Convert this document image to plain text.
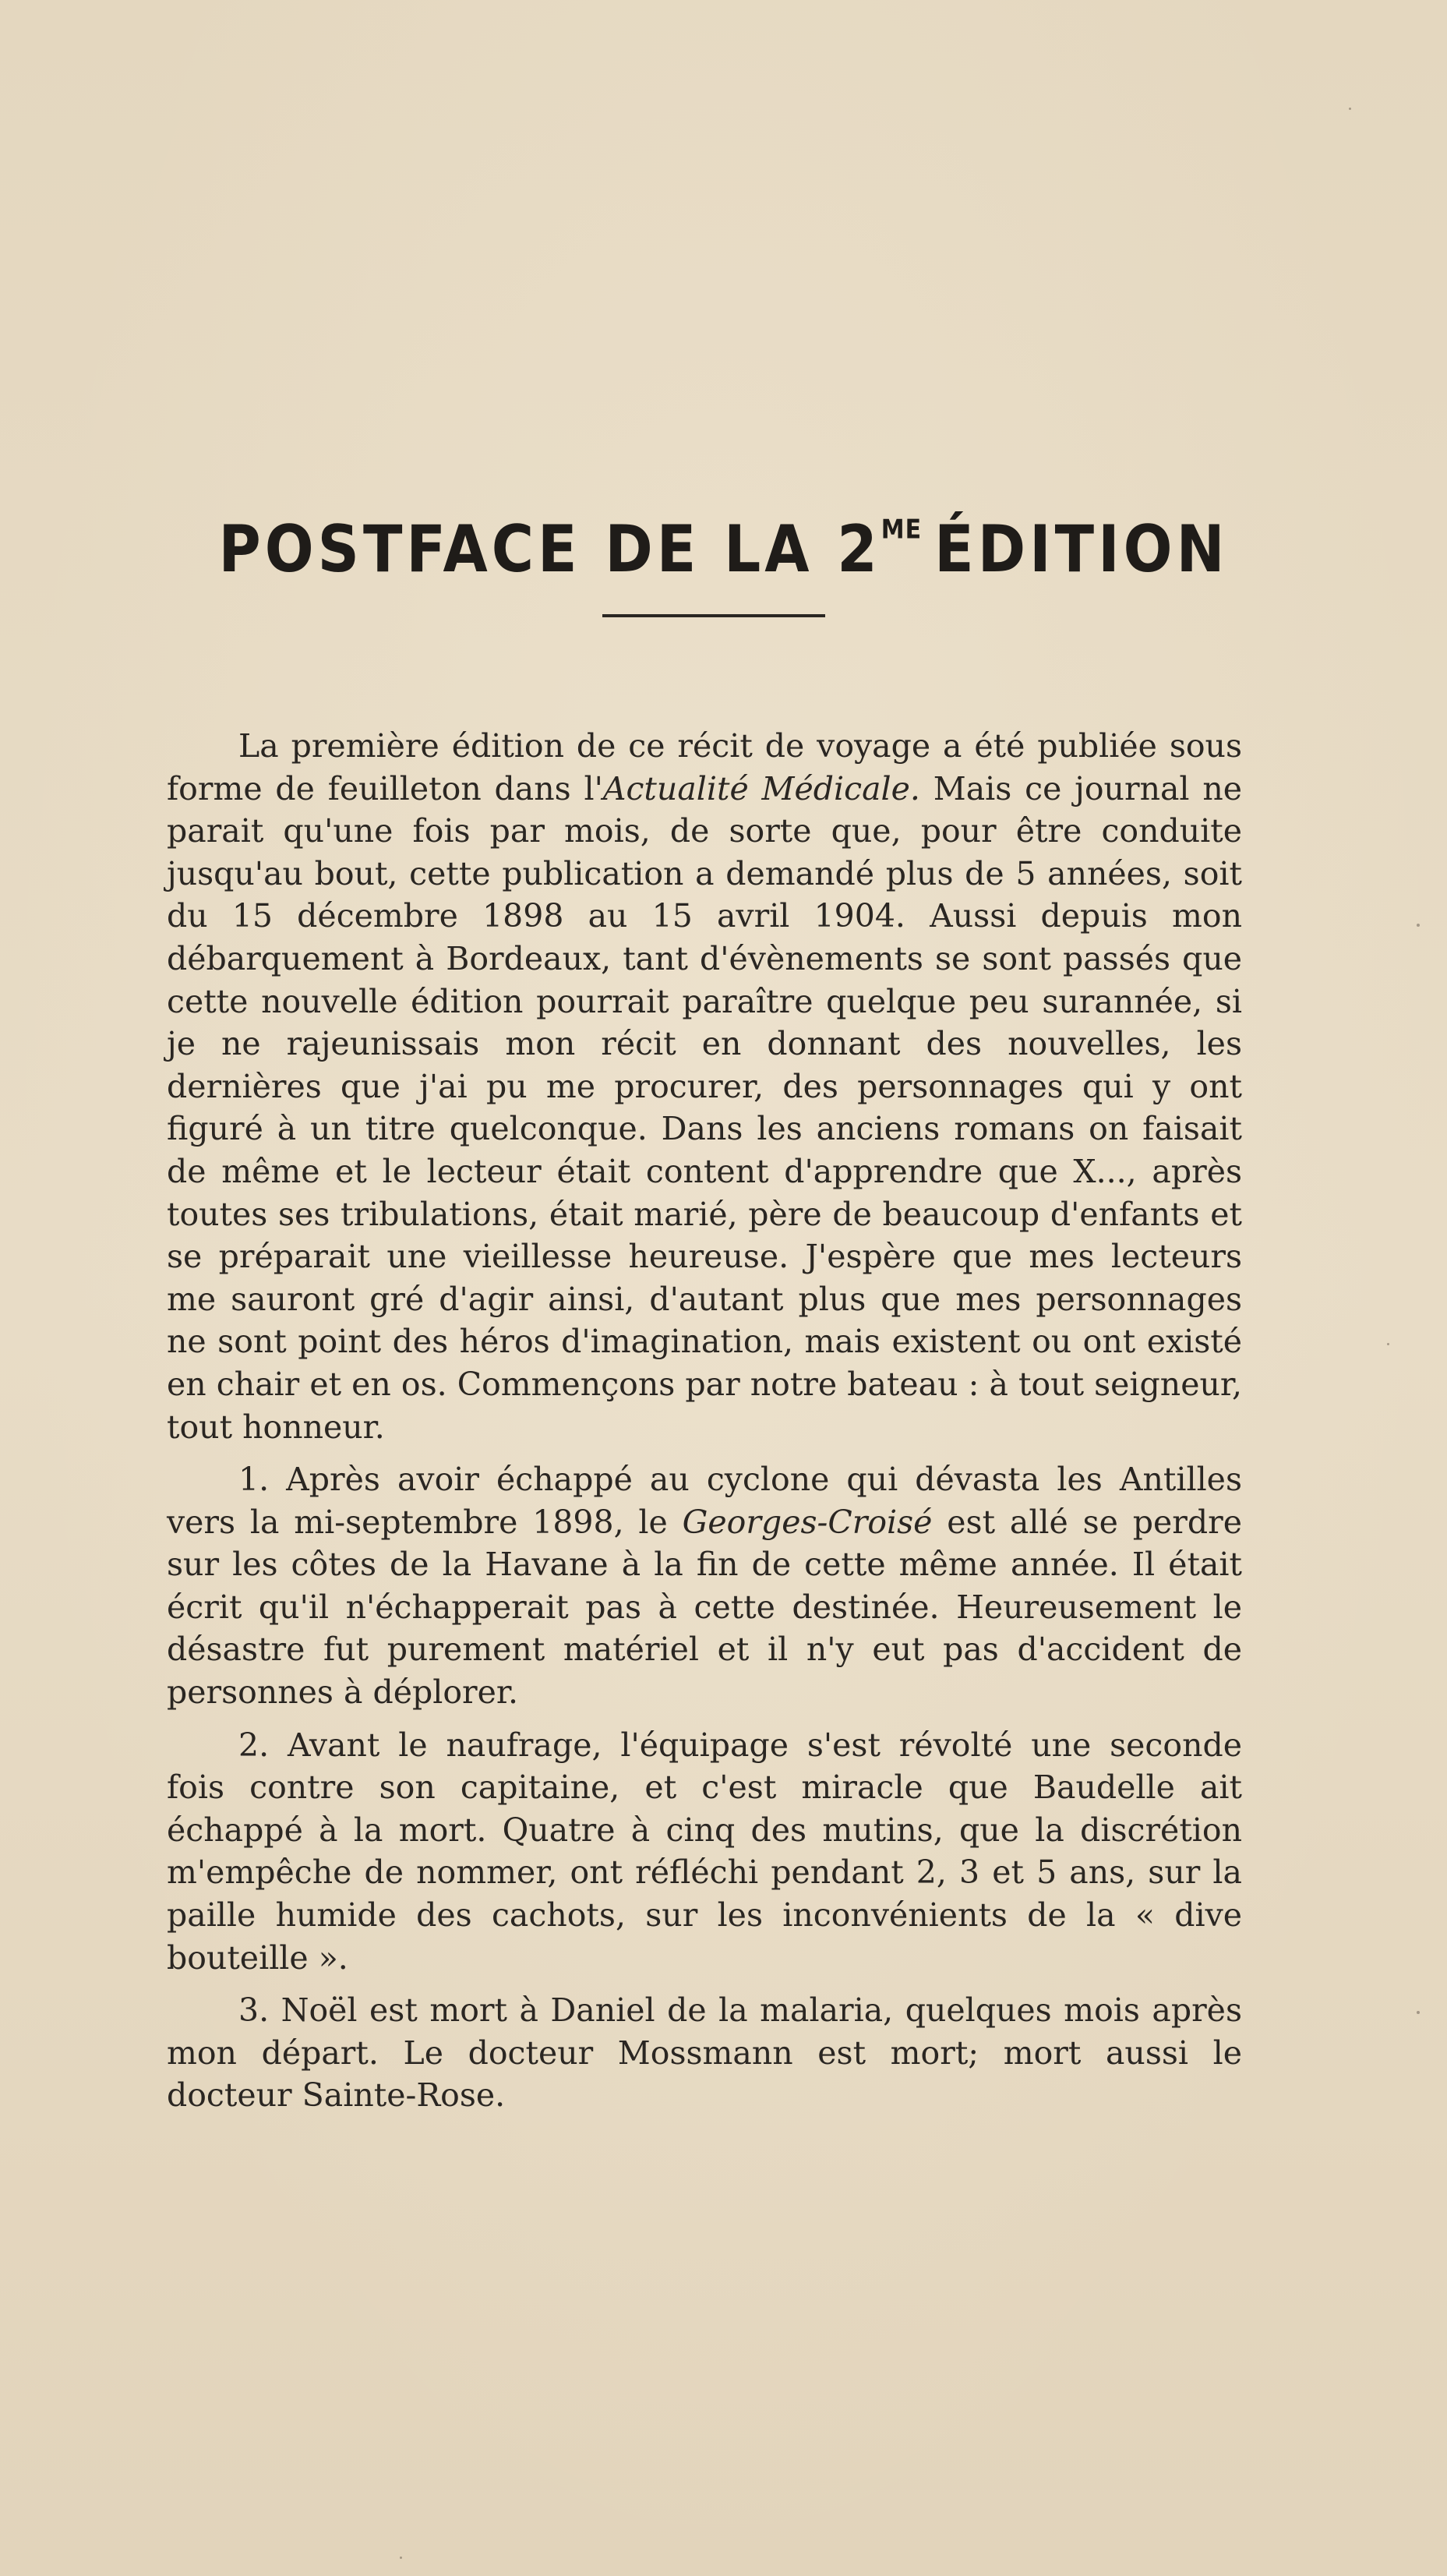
POSTFACE DE LA $2^{ME}$ ÉDITION

La première édition de ce récit de voyage a été publiée sous forme de feuilleton dans l'Actualité Médicale. Mais ce journal ne parait qu'une fois par mois, de sorte que, pour être conduite jusqu'au bout, cette publication a demandé plus de 5 années, soit du 15 décembre 1898 au 15 avril 1904. Aussi depuis mon débarquement à Bordeaux, tant d'évènements se sont passés que cette nouvelle édition pourrait paraître quelque peu surannée, si je ne rajeunissais mon récit en donnant des nouvelles, les dernières que j'ai pu me procurer, des personnages qui y ont figuré à un titre quelconque. Dans les anciens romans on faisait de même et le lecteur était content d'apprendre que X..., après toutes ses tribulations, était marié, père de beaucoup d'enfants et se préparait une vieillesse heureuse. J'espère que mes lecteurs me sauront gré d'agir ainsi, d'autant plus que mes personnages ne sont point des héros d'imagination, mais existent ou ont existé en chair et en os. Commençons par notre bateau : à tout seigneur, tout honneur.

1. Après avoir échappé au cyclone qui dévasta les Antilles vers la mi-septembre 1898, le Georges-Croisé est allé se perdre sur les côtes de la Havane à la fin de cette même année. Il était écrit qu'il n'échapperait pas à cette destinée. Heureusement le désastre fut purement matériel et il n'y eut pas d'accident de personnes à déplorer.

2. Avant le naufrage, l'équipage s'est révolté une seconde fois contre son capitaine, et c'est miracle que Baudelle ait échappé à la mort. Quatre à cinq des mutins, que la discrétion m'empêche de nommer, ont réfléchi pendant 2, 3 et 5 ans, sur la paille humide des cachots, sur les inconvénients de la « dive bouteille ».

3. Noël est mort à Daniel de la malaria, quelques mois après mon départ. Le docteur Mossmann est mort; mort aussi le docteur Sainte-Rose.
